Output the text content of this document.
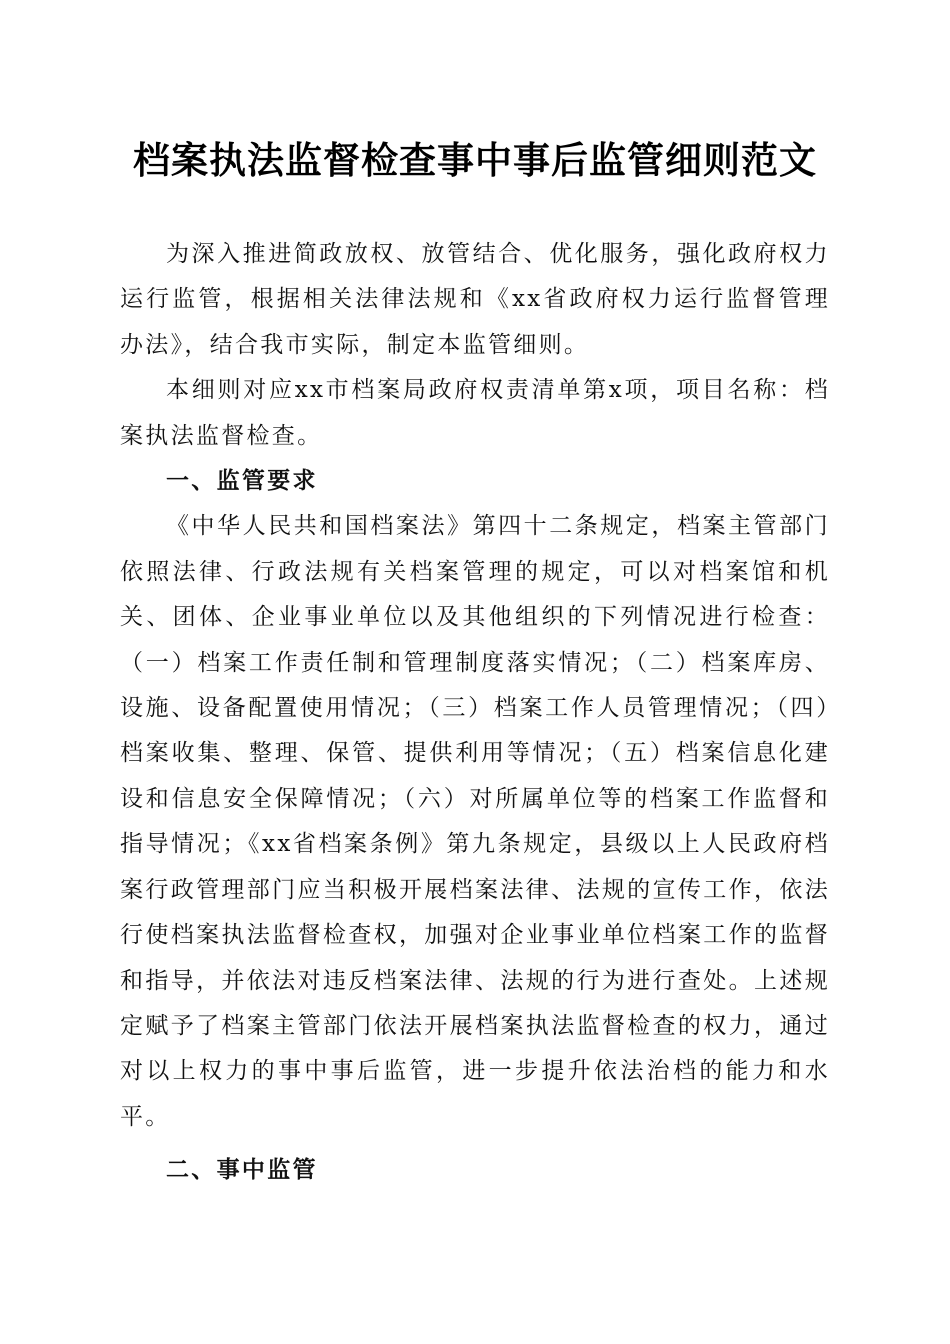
档案执法监督检查事中事后监管细则范文

为深入推进简政放权、放管结合、优化服务，强化政府权力运行监管，根据相关法律法规和《xx省政府权力运行监督管理办法》，结合我市实际，制定本监管细则。

本细则对应xx市档案局政府权责清单第x项，项目名称：档案执法监督检查。

一、监管要求

《中华人民共和国档案法》第四十二条规定，档案主管部门依照法律、行政法规有关档案管理的规定，可以对档案馆和机关、团体、企业事业单位以及其他组织的下列情况进行检查：（一）档案工作责任制和管理制度落实情况；（二）档案库房、设施、设备配置使用情况；（三）档案工作人员管理情况；（四）档案收集、整理、保管、提供利用等情况；（五）档案信息化建设和信息安全保障情况；（六）对所属单位等的档案工作监督和指导情况；《xx省档案条例》第九条规定，县级以上人民政府档案行政管理部门应当积极开展档案法律、法规的宣传工作，依法行使档案执法监督检查权，加强对企业事业单位档案工作的监督和指导，并依法对违反档案法律、法规的行为进行查处。上述规定赋予了档案主管部门依法开展档案执法监督检查的权力，通过对以上权力的事中事后监管，进一步提升依法治档的能力和水平。

二、事中监管
